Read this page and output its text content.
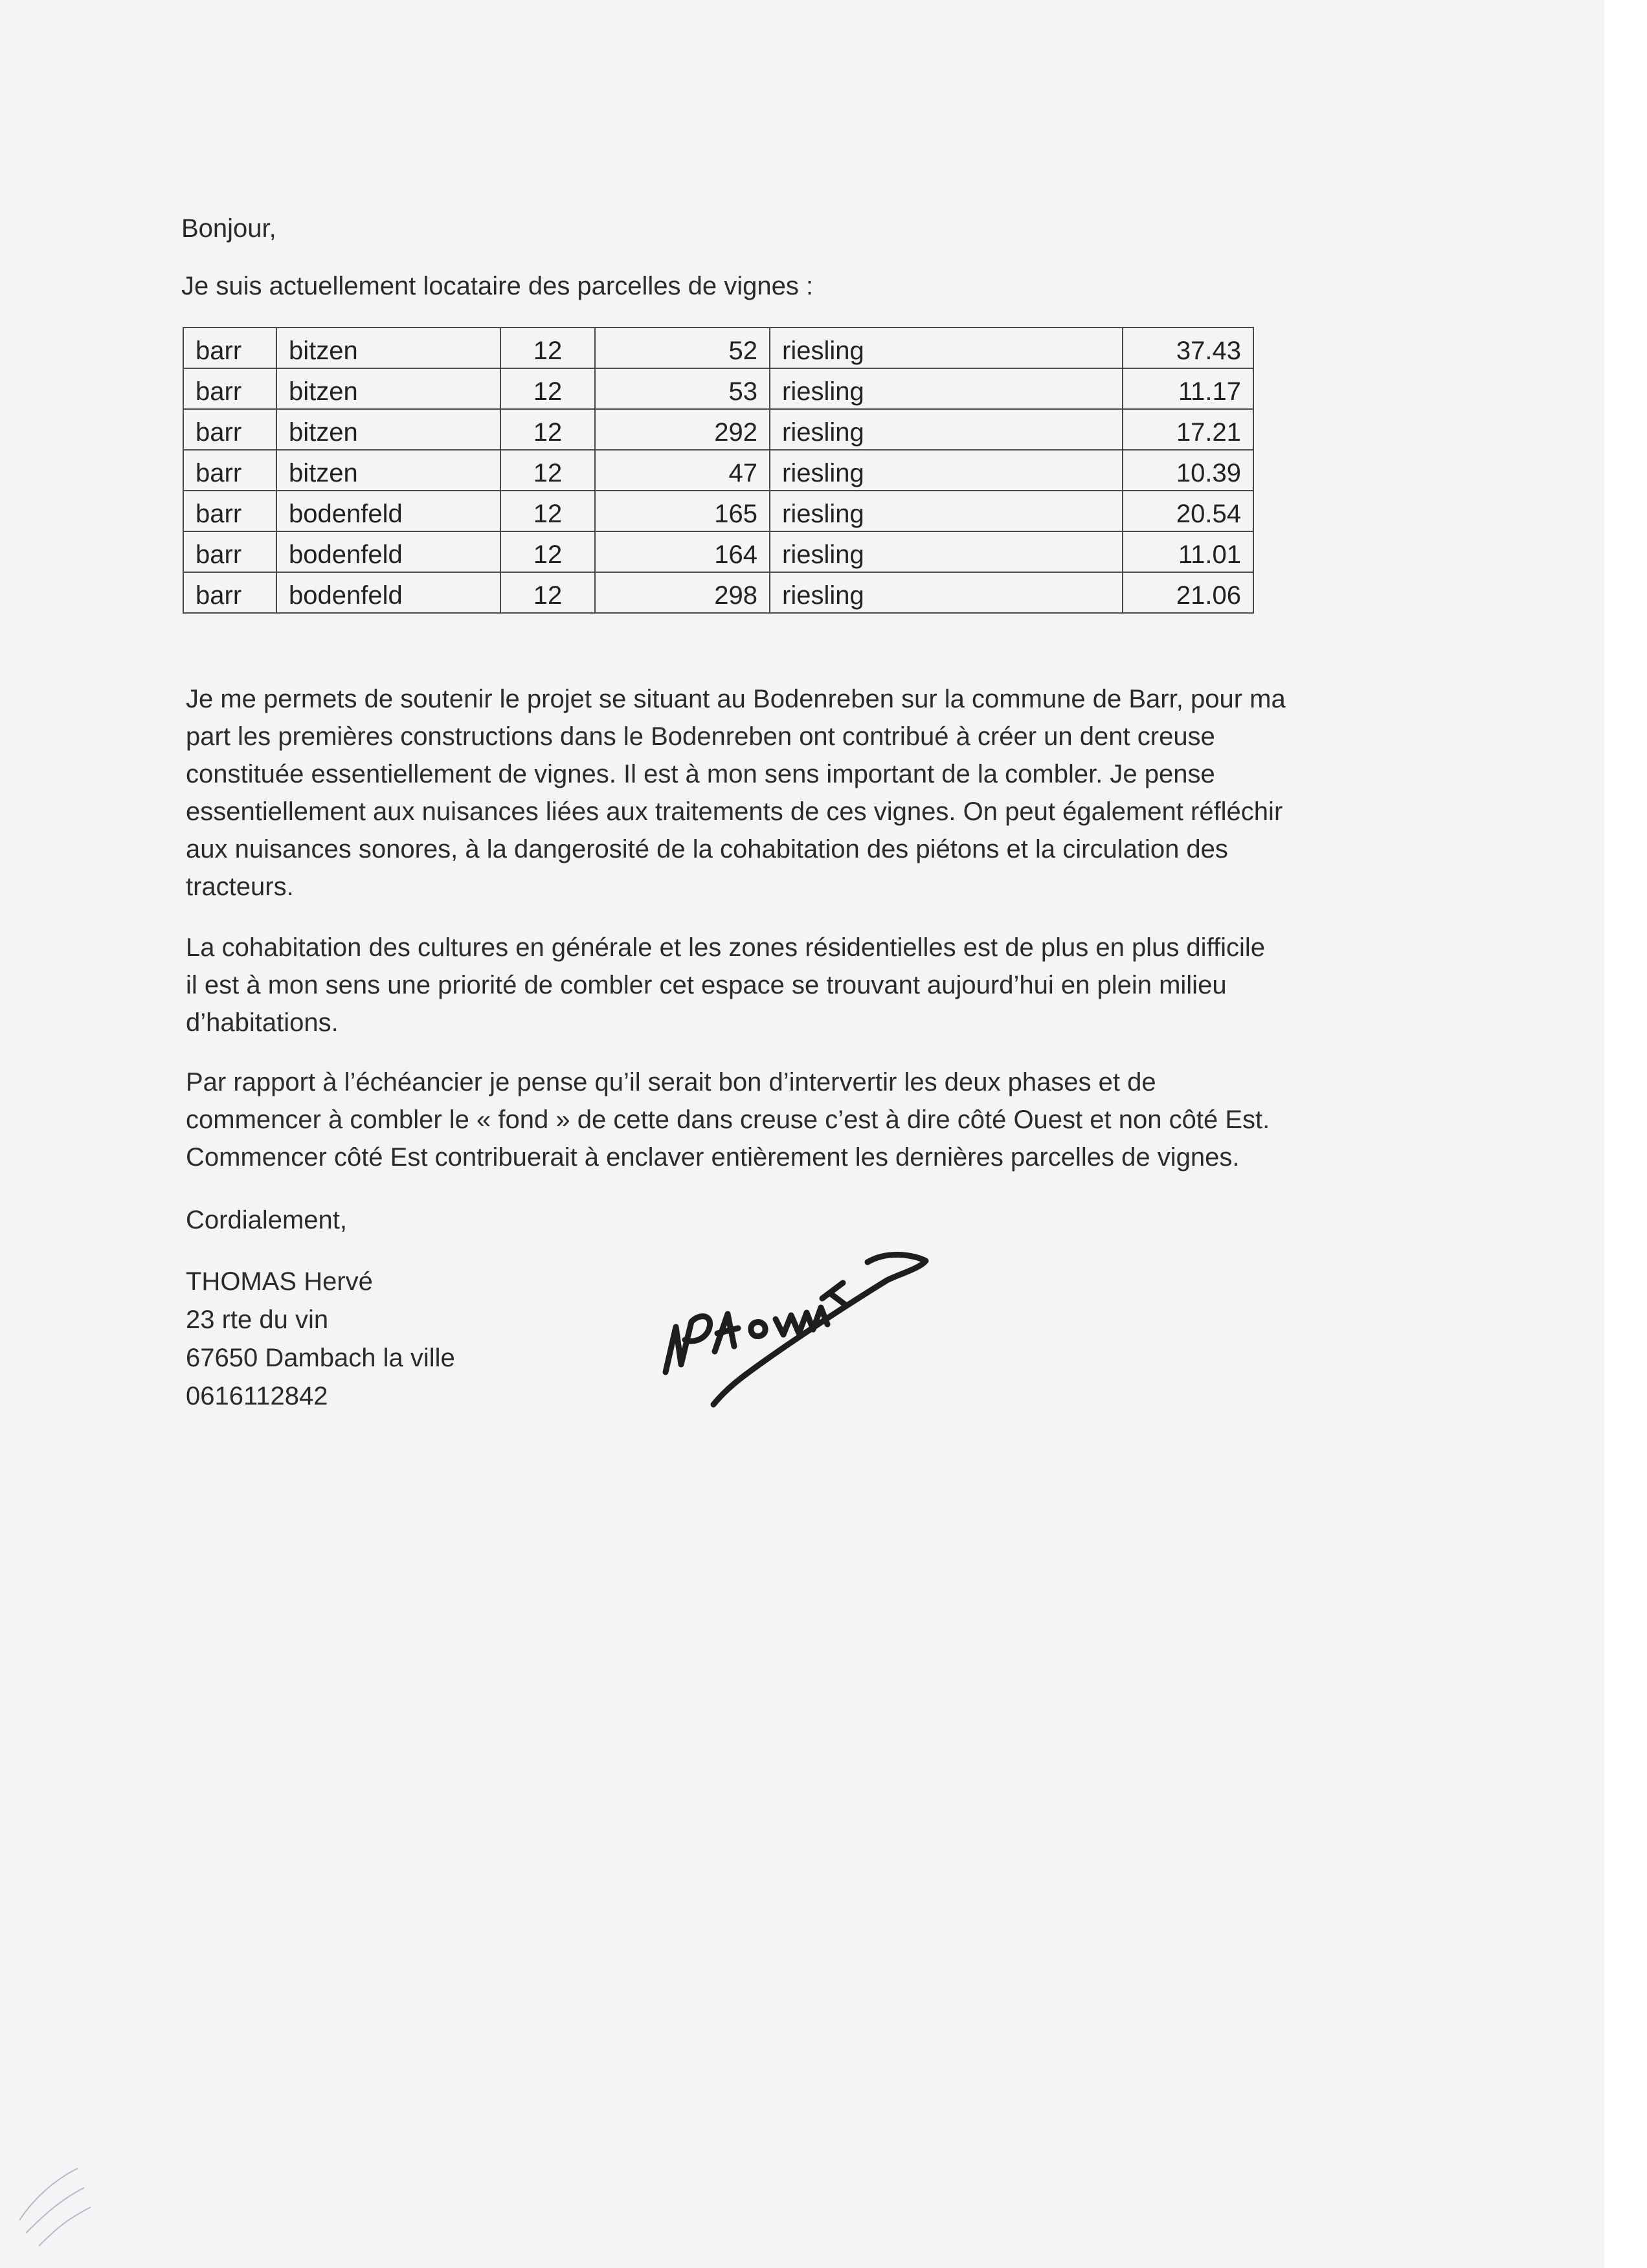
Bonjour,
Je suis actuellement locataire des parcelles de vignes :
barr	bitzen	12	52	riesling	37.43
barr	bitzen	12	53	riesling	11.17
barr	bitzen	12	292	riesling	17.21
barr	bitzen	12	47	riesling	10.39
barr	bodenfeld	12	165	riesling	20.54
barr	bodenfeld	12	164	riesling	11.01
barr	bodenfeld	12	298	riesling	21.06

Je me permets de soutenir le projet se situant au Bodenreben sur la commune de Barr, pour ma

part les premières constructions dans le Bodenreben ont contribué à créer un dent creuse

constituée essentiellement de vignes. Il est à mon sens important de la combler. Je pense

essentiellement aux nuisances liées aux traitements de ces vignes. On peut également réfléchir

aux nuisances sonores, à la dangerosité de la cohabitation des piétons et la circulation des

tracteurs.

La cohabitation des cultures en générale et les zones résidentielles est de plus en plus difficile

il est à mon sens une priorité de combler cet espace se trouvant aujourd’hui en plein milieu

d’habitations.

Par rapport à l’échéancier je pense qu’il serait bon d’intervertir les deux phases et de

commencer à combler le « fond » de cette dans creuse c’est à dire côté Ouest et non côté Est.

Commencer côté Est contribuerait à enclaver entièrement les dernières parcelles de vignes.

Cordialement,
THOMAS Hervé
23 rte du vin
67650 Dambach la ville
0616112842
